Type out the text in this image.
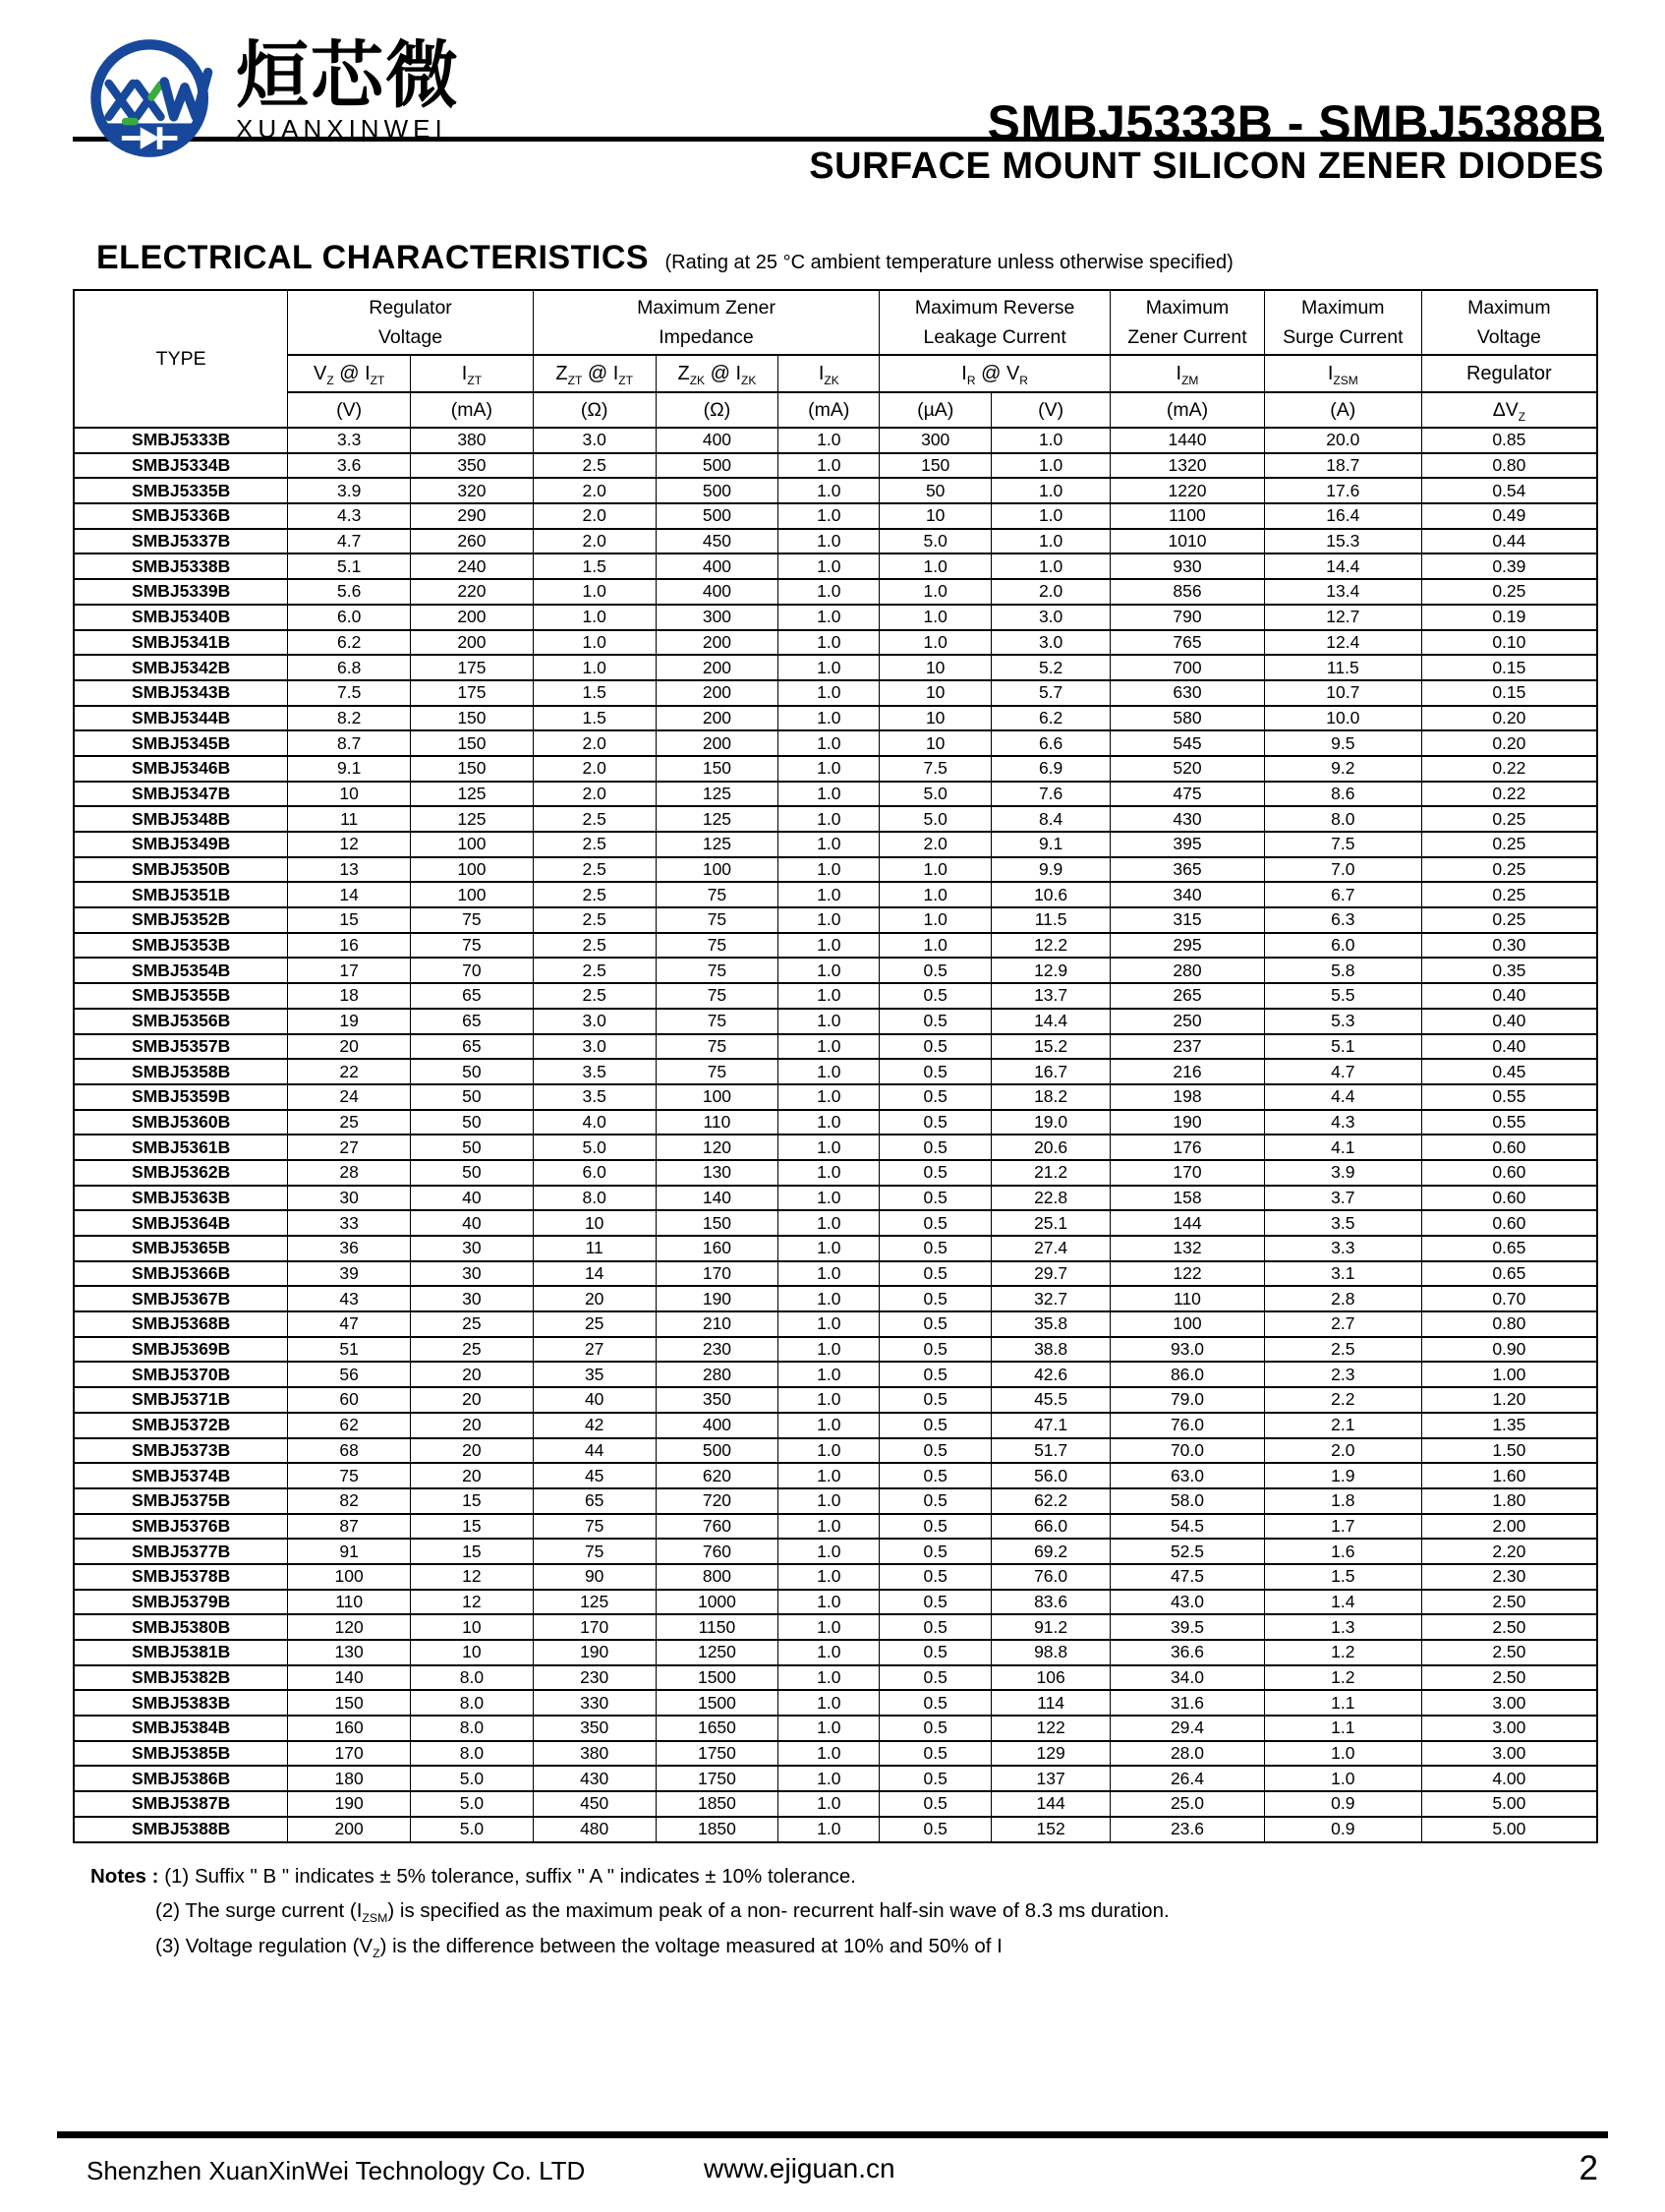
烜芯微
XUANXINWEI	SMBJ5333B - SMBJ5388B
SURFACE MOUNT SILICON ZENER DIODES
ELECTRICAL CHARACTERISTICS (Rating at 25 °C ambient temperature unless otherwise specified)
TYPE	
Regulator
Voltage

Maximum Zener
Impedance

Maximum Reverse
Leakage Current

Maximum
Zener Current

Maximum
Surge Current

Maximum
Voltage

	$V_Z$ @ $I_{ZT}$	$I_{ZT}$	$Z_{ZT}$ @ $I_{ZT}$	$Z_{ZK}$ @ $I_{ZK}$	$I_{ZK}$	$I_R$ @ $V_R$		$I_{ZM}$	$I_{ZSM}$	Regulator
	(V)	(mA)	(Ω)	(Ω)	(mA)	(µA)	(V)	(mA)	(A)	$\Delta V_Z$
SMBJ5333B	3.3	380	3.0	400	1.0	300	1.0	1440	20.0	0.85
SMBJ5334B	3.6	350	2.5	500	1.0	150	1.0	1320	18.7	0.80
SMBJ5335B	3.9	320	2.0	500	1.0	50	1.0	1220	17.6	0.54
SMBJ5336B	4.3	290	2.0	500	1.0	10	1.0	1100	16.4	0.49
SMBJ5337B	4.7	260	2.0	450	1.0	5.0	1.0	1010	15.3	0.44
SMBJ5338B	5.1	240	1.5	400	1.0	1.0	1.0	930	14.4	0.39
SMBJ5339B	5.6	220	1.0	400	1.0	1.0	2.0	856	13.4	0.25
SMBJ5340B	6.0	200	1.0	300	1.0	1.0	3.0	790	12.7	0.19
SMBJ5341B	6.2	200	1.0	200	1.0	1.0	3.0	765	12.4	0.10
SMBJ5342B	6.8	175	1.0	200	1.0	10	5.2	700	11.5	0.15
SMBJ5343B	7.5	175	1.5	200	1.0	10	5.7	630	10.7	0.15
SMBJ5344B	8.2	150	1.5	200	1.0	10	6.2	580	10.0	0.20
SMBJ5345B	8.7	150	2.0	200	1.0	10	6.6	545	9.5	0.20
SMBJ5346B	9.1	150	2.0	150	1.0	7.5	6.9	520	9.2	0.22
SMBJ5347B	10	125	2.0	125	1.0	5.0	7.6	475	8.6	0.22
SMBJ5348B	11	125	2.5	125	1.0	5.0	8.4	430	8.0	0.25
SMBJ5349B	12	100	2.5	125	1.0	2.0	9.1	395	7.5	0.25
SMBJ5350B	13	100	2.5	100	1.0	1.0	9.9	365	7.0	0.25
SMBJ5351B	14	100	2.5	75	1.0	1.0	10.6	340	6.7	0.25
SMBJ5352B	15	75	2.5	75	1.0	1.0	11.5	315	6.3	0.25
SMBJ5353B	16	75	2.5	75	1.0	1.0	12.2	295	6.0	0.30
SMBJ5354B	17	70	2.5	75	1.0	0.5	12.9	280	5.8	0.35
SMBJ5355B	18	65	2.5	75	1.0	0.5	13.7	265	5.5	0.40
SMBJ5356B	19	65	3.0	75	1.0	0.5	14.4	250	5.3	0.40
SMBJ5357B	20	65	3.0	75	1.0	0.5	15.2	237	5.1	0.40
SMBJ5358B	22	50	3.5	75	1.0	0.5	16.7	216	4.7	0.45
SMBJ5359B	24	50	3.5	100	1.0	0.5	18.2	198	4.4	0.55
SMBJ5360B	25	50	4.0	110	1.0	0.5	19.0	190	4.3	0.55
SMBJ5361B	27	50	5.0	120	1.0	0.5	20.6	176	4.1	0.60
SMBJ5362B	28	50	6.0	130	1.0	0.5	21.2	170	3.9	0.60
SMBJ5363B	30	40	8.0	140	1.0	0.5	22.8	158	3.7	0.60
SMBJ5364B	33	40	10	150	1.0	0.5	25.1	144	3.5	0.60
SMBJ5365B	36	30	11	160	1.0	0.5	27.4	132	3.3	0.65
SMBJ5366B	39	30	14	170	1.0	0.5	29.7	122	3.1	0.65
SMBJ5367B	43	30	20	190	1.0	0.5	32.7	110	2.8	0.70
SMBJ5368B	47	25	25	210	1.0	0.5	35.8	100	2.7	0.80
SMBJ5369B	51	25	27	230	1.0	0.5	38.8	93.0	2.5	0.90
SMBJ5370B	56	20	35	280	1.0	0.5	42.6	86.0	2.3	1.00
SMBJ5371B	60	20	40	350	1.0	0.5	45.5	79.0	2.2	1.20
SMBJ5372B	62	20	42	400	1.0	0.5	47.1	76.0	2.1	1.35
SMBJ5373B	68	20	44	500	1.0	0.5	51.7	70.0	2.0	1.50
SMBJ5374B	75	20	45	620	1.0	0.5	56.0	63.0	1.9	1.60
SMBJ5375B	82	15	65	720	1.0	0.5	62.2	58.0	1.8	1.80
SMBJ5376B	87	15	75	760	1.0	0.5	66.0	54.5	1.7	2.00
SMBJ5377B	91	15	75	760	1.0	0.5	69.2	52.5	1.6	2.20
SMBJ5378B	100	12	90	800	1.0	0.5	76.0	47.5	1.5	2.30
SMBJ5379B	110	12	125	1000	1.0	0.5	83.6	43.0	1.4	2.50
SMBJ5380B	120	10	170	1150	1.0	0.5	91.2	39.5	1.3	2.50
SMBJ5381B	130	10	190	1250	1.0	0.5	98.8	36.6	1.2	2.50
SMBJ5382B	140	8.0	230	1500	1.0	0.5	106	34.0	1.2	2.50
SMBJ5383B	150	8.0	330	1500	1.0	0.5	114	31.6	1.1	3.00
SMBJ5384B	160	8.0	350	1650	1.0	0.5	122	29.4	1.1	3.00
SMBJ5385B	170	8.0	380	1750	1.0	0.5	129	28.0	1.0	3.00
SMBJ5386B	180	5.0	430	1750	1.0	0.5	137	26.4	1.0	4.00
SMBJ5387B	190	5.0	450	1850	1.0	0.5	144	25.0	0.9	5.00
SMBJ5388B	200	5.0	480	1850	1.0	0.5	152	23.6	0.9	5.00
Notes : (1) Suffix " B " indicates ± 5% tolerance, suffix " A " indicates ± 10% tolerance.
(2) The surge current $(I_{ZSM})$ is specified as the maximum peak of a non- recurrent half-sin wave of 8.3 ms duration.
(3) Voltage regulation $(V_Z)$ is the difference between the voltage measured at 10% and 50% of I
Shenzhen XuanXinWei Technology Co. LTD	www.ejiguan.cn	2
